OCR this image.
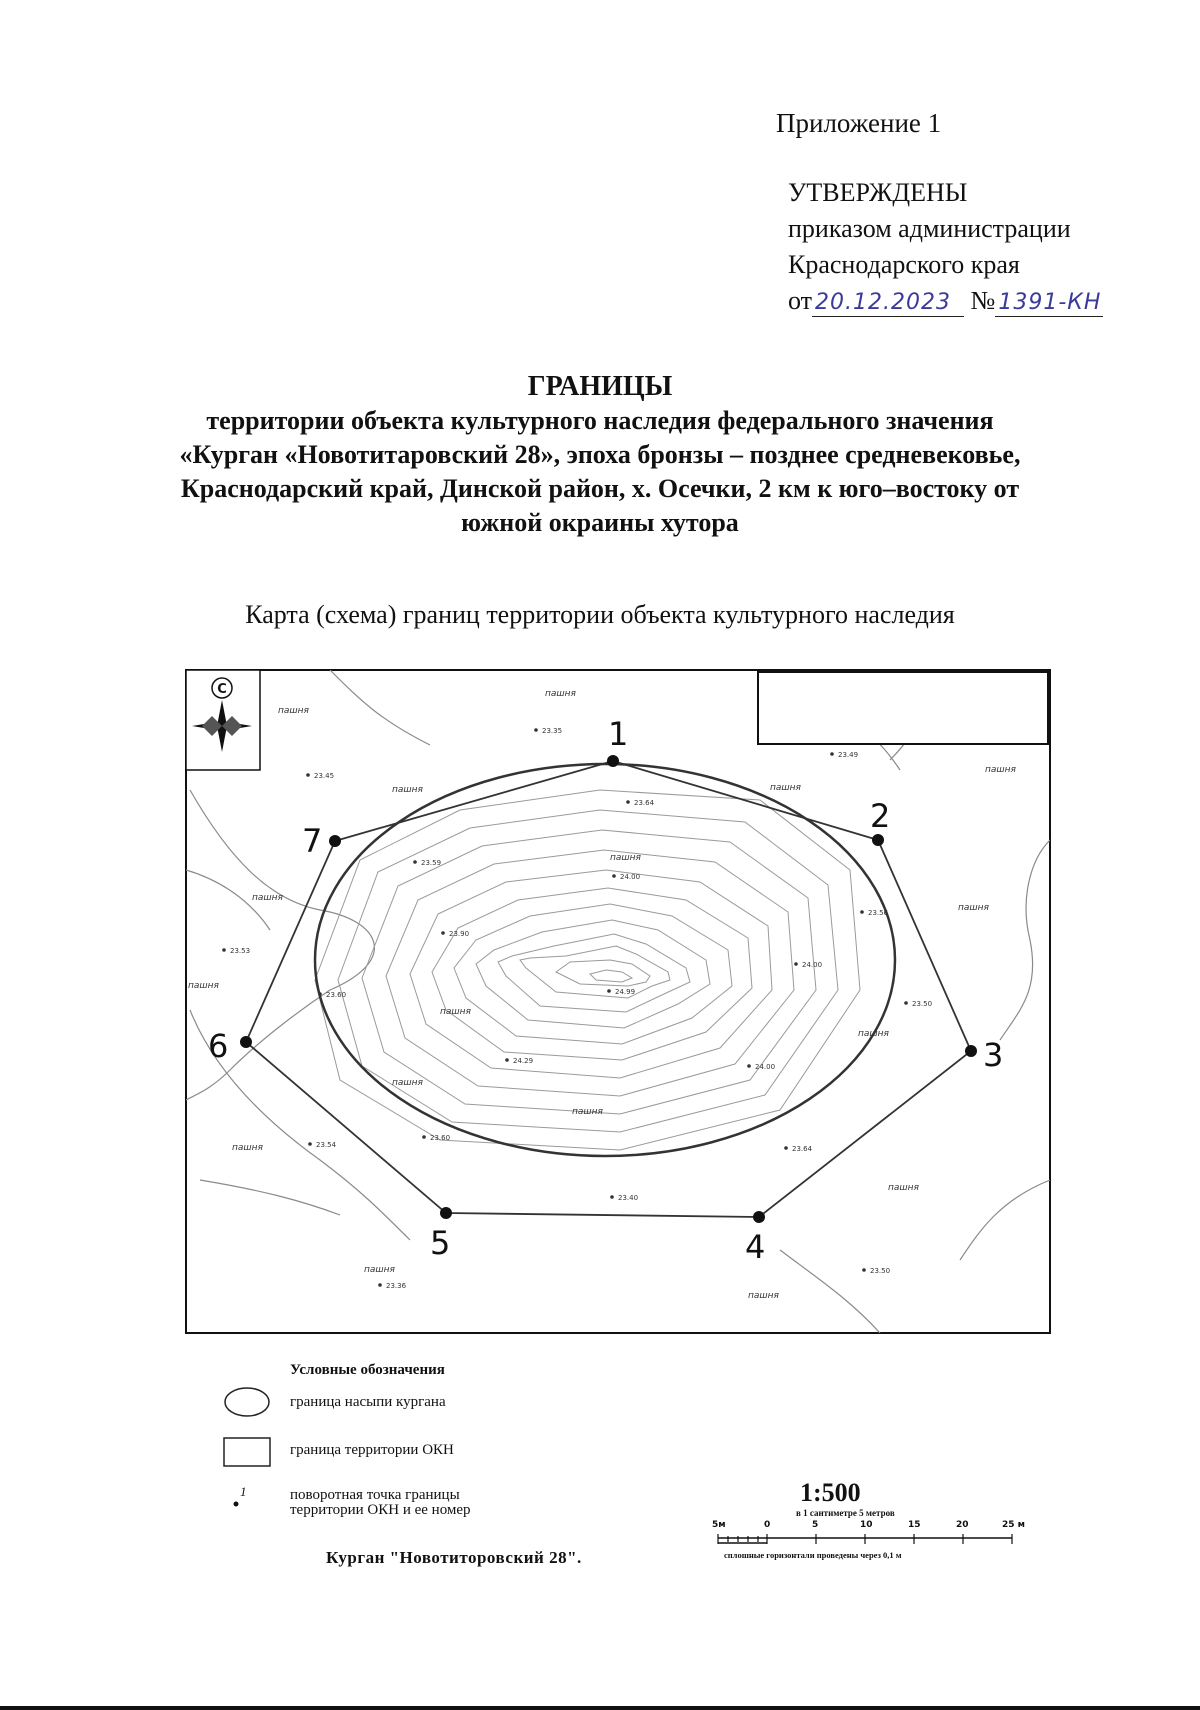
Приложение 1
УТВЕРЖДЕНЫ
приказом администрации
Краснодарского края
от 20.12.2023 № 1391-КН
ГРАНИЦЫ
территории объекта культурного наследия федерального значения
«Курган «Новотитаровский 28», эпоха бронзы – позднее средневековье,
Краснодарский край, Динской район, х. Осечки, 2 км к юго–востоку от
южной окраины хутора
Карта (схема) границ территории объекта культурного наследия
1
2
3
4
5
6
7
пашня
пашня
пашня
пашня
пашня
пашня
пашня
пашня
пашня
пашня
пашня
пашня
пашня
пашня
пашня
пашня
пашня
23.35
23.45
23.49
23.64
24.00
23.59
23.56
23.90
24.00
23.53
23.60	24.99
23.50
24.29
24.00
23.54
23.60
23.64
23.40
23.36
23.50
С
Условные обозначения
граница насыпи кургана
граница территории ОКН
1	поворотная точка границы
территории ОКН и ее номер
1:500
в 1 сантиметре 5 метров
5м	0	5	10	15	20	25 м
сплошные горизонтали проведены через 0,1 м
Курган "Новотиторовский 28".
